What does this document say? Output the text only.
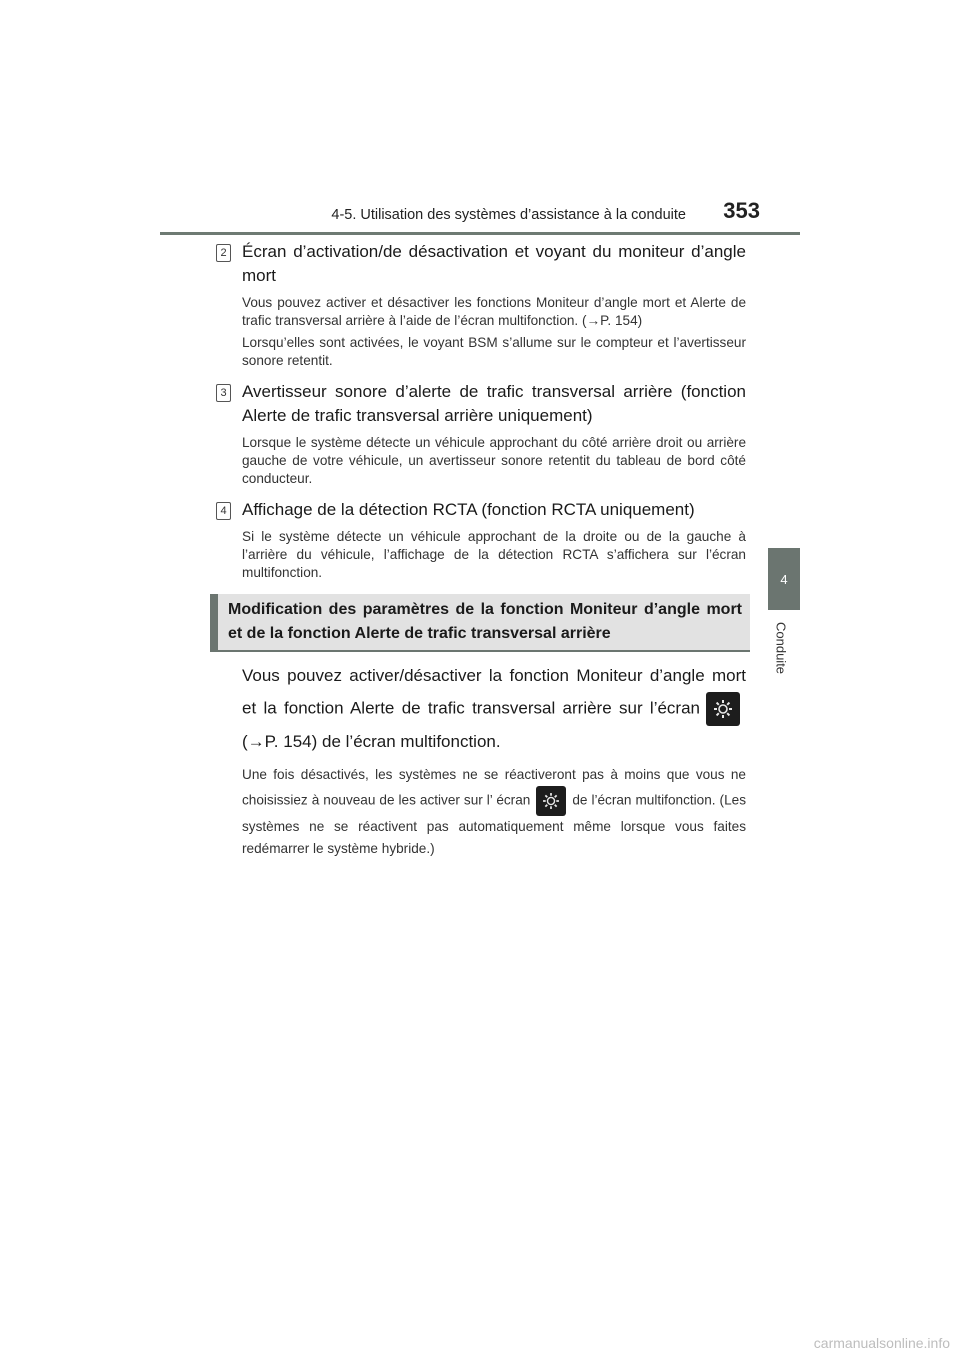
4-5. Utilisation des systèmes d’assistance à la conduite	353
4
Conduite
2 Écran d’activation/de désactivation et voyant du moniteur d’angle mort

Vous pouvez activer et désactiver les fonctions Moniteur d’angle mort et Alerte de trafic transversal arrière à l’aide de l’écran multifonction. (→P. 154)

Lorsqu’elles sont activées, le voyant BSM s’allume sur le compteur et l’avertisseur sonore retentit.

3 Avertisseur sonore d’alerte de trafic transversal arrière (fonction Alerte de trafic transversal arrière uniquement)

Lorsque le système détecte un véhicule approchant du côté arrière droit ou arrière gauche de votre véhicule, un avertisseur sonore retentit du tableau de bord côté conducteur.

4 Affichage de la détection RCTA (fonction RCTA uniquement)

Si le système détecte un véhicule approchant de la droite ou de la gauche à l’arrière du véhicule, l’affichage de la détection RCTA s’affichera sur l’écran multifonction.

Modification des paramètres de la fonction Moniteur d’angle mort et de la fonction Alerte de trafic transversal arrière

Vous pouvez activer/désactiver la fonction Moniteur d’angle mort et la fonction Alerte de trafic transversal arrière sur l’écran
(→P. 154) de l’écran multifonction.

Une fois désactivés, les systèmes ne se réactiveront pas à moins que vous ne choisissiez à nouveau de les activer sur l’ écran	de l’écran multifonction. (Les systèmes ne se réactivent pas automatiquement même lorsque vous faites redémarrer le système hybride.)

carmanualsonline.info
